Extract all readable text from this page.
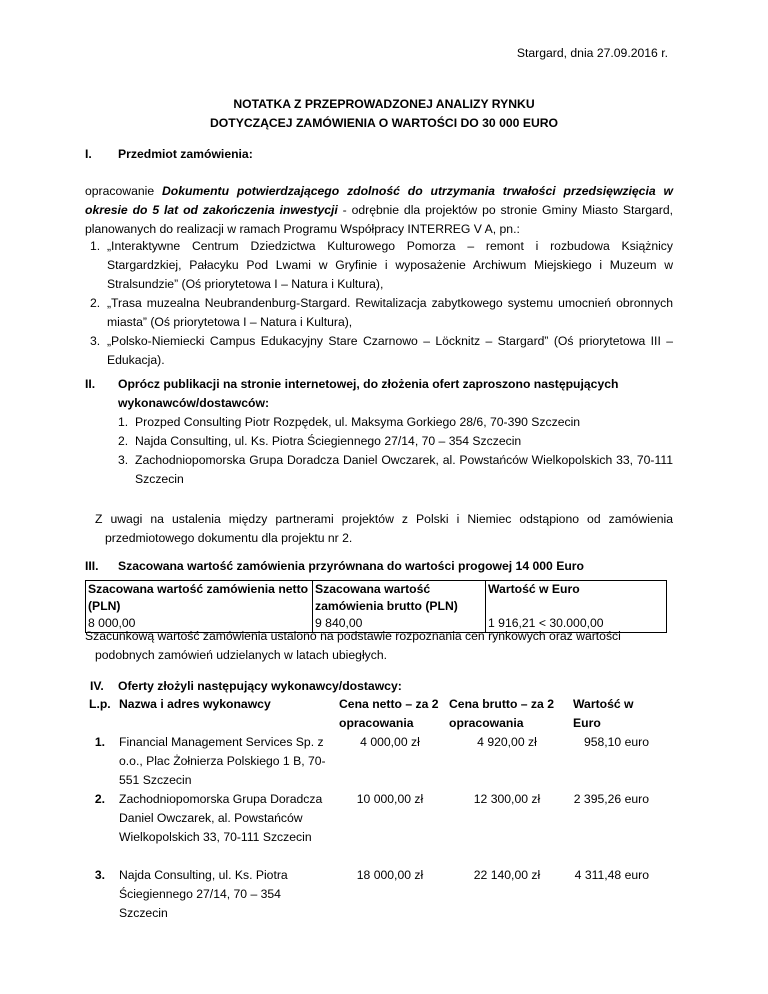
Stargard, dnia 27.09.2016 r.
NOTATKA Z PRZEPROWADZONEJ ANALIZY RYNKU
DOTYCZĄCEJ ZAMÓWIENIA O WARTOŚCI DO 30 000 EURO
I. Przedmiot zamówienia:
opracowanie Dokumentu potwierdzającego zdolność do utrzymania trwałości przedsięwzięcia w okresie do 5 lat od zakończenia inwestycji - odrębnie dla projektów po stronie Gminy Miasto Stargard, planowanych do realizacji w ramach Programu Współpracy INTERREG V A, pn.:
1. „Interaktywne Centrum Dziedzictwa Kulturowego Pomorza – remont i rozbudowa Książnicy Stargardzkiej, Pałacyku Pod Lwami w Gryfinie i wyposażenie Archiwum Miejskiego i Muzeum w Stralsundzie” (Oś priorytetowa I – Natura i Kultura),
2. „Trasa muzealna Neubrandenburg-Stargard. Rewitalizacja zabytkowego systemu umocnień obronnych miasta” (Oś priorytetowa I – Natura i Kultura),
3. „Polsko-Niemiecki Campus Edukacyjny Stare Czarnowo – Löcknitz – Stargard” (Oś priorytetowa III – Edukacja).
II. Oprócz publikacji na stronie internetowej, do złożenia ofert zaproszono następujących wykonawców/dostawców:
1. Prozped Consulting Piotr Rozpędek, ul. Maksyma Gorkiego 28/6, 70-390 Szczecin
2. Najda Consulting, ul. Ks. Piotra Ściegiennego 27/14, 70 – 354 Szczecin
3. Zachodniopomorska Grupa Doradcza Daniel Owczarek, al. Powstańców Wielkopolskich 33, 70-111 Szczecin
Z uwagi na ustalenia między partnerami projektów z Polski i Niemiec odstąpiono od zamówienia przedmiotowego dokumentu dla projektu nr 2.
III. Szacowana wartość zamówienia przyrównana do wartości progowej 14 000 Euro
Szacowana wartość zamówienia netto (PLN)	Szacowana wartość zamówienia brutto (PLN)	Wartość w Euro
8 000,00	9 840,00	1 916,21 < 30.000,00
Szacunkową wartość zamówienia ustalono na podstawie rozpoznania cen rynkowych oraz wartości podobnych zamówień udzielanych w latach ubiegłych.
IV. Oferty złożyli następujący wykonawcy/dostawcy:
L.p.	Nazwa i adres wykonawcy	Cena netto – za 2 opracowania	Cena brutto – za 2 opracowania	Wartość w Euro
1.	Financial Management Services Sp. z o.o., Plac Żołnierza Polskiego 1 B, 70-551 Szczecin	4 000,00 zł	4 920,00 zł	958,10 euro
2.	Zachodniopomorska Grupa Doradcza Daniel Owczarek, al. Powstańców Wielkopolskich 33, 70-111 Szczecin	10 000,00 zł	12 300,00 zł	2 395,26 euro
3.	Najda Consulting, ul. Ks. Piotra Ściegiennego 27/14, 70 – 354 Szczecin	18 000,00 zł	22 140,00 zł	4 311,48 euro
